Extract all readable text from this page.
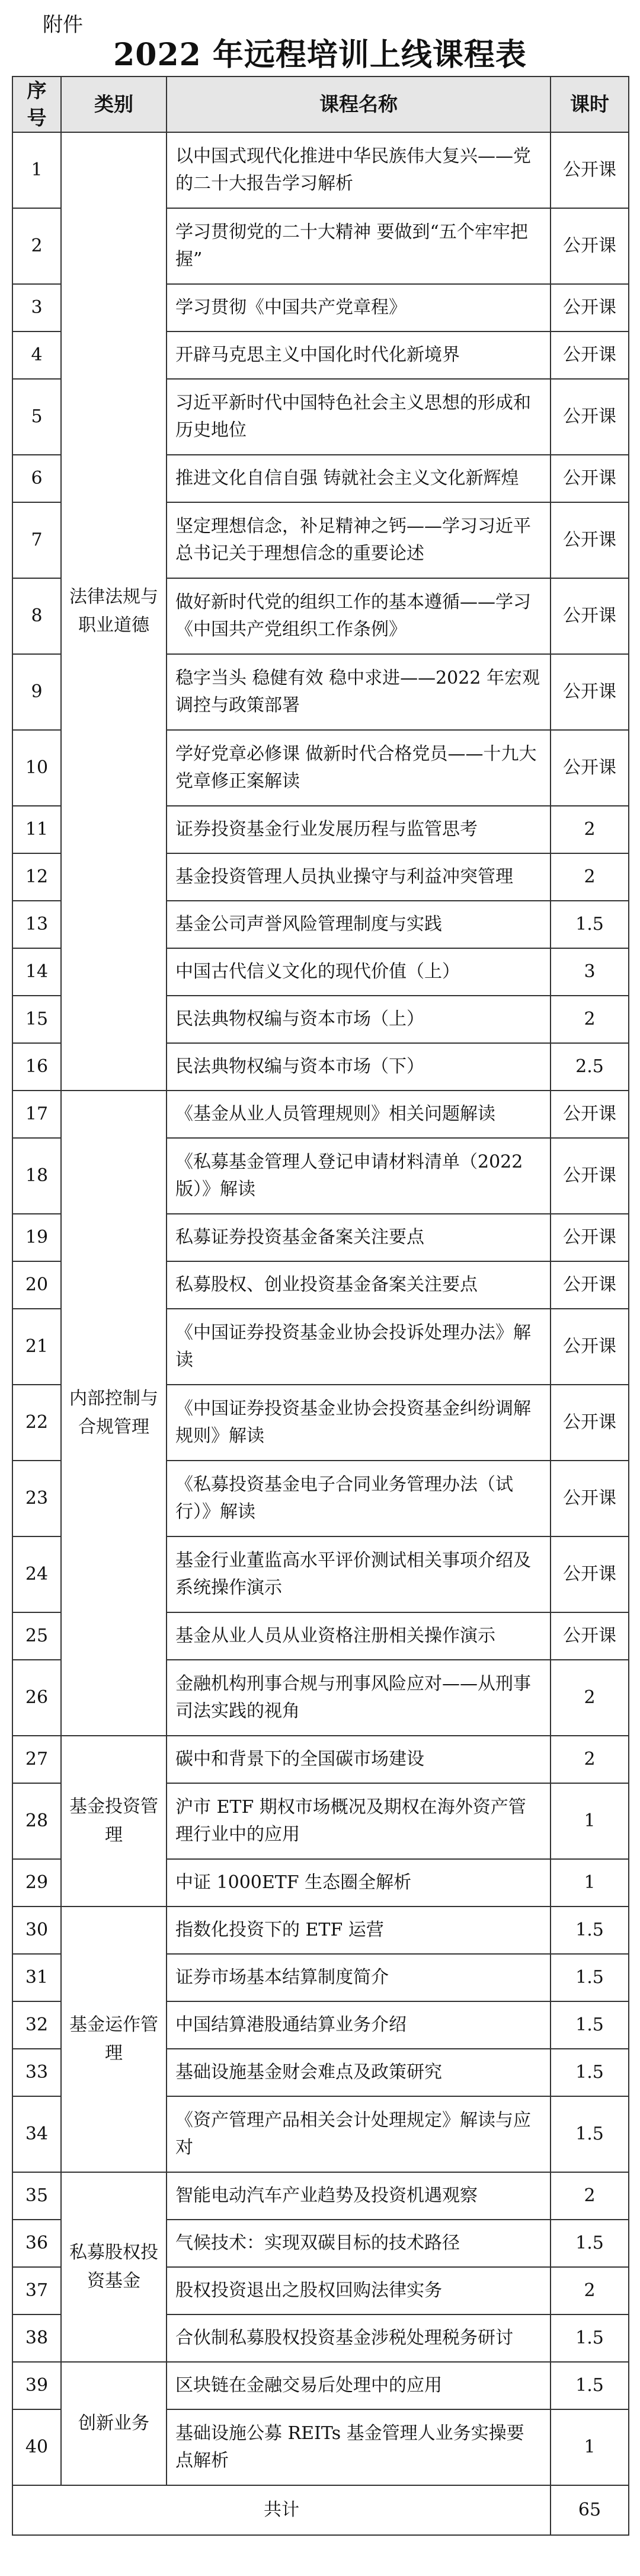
附件
2022 年远程培训上线课程表
序号	类别	课程名称	课时
1	法律法规与职业道德	以中国式现代化推进中华民族伟大复兴——党的二十大报告学习解析	公开课
2		学习贯彻党的二十大精神 要做到“五个牢牢把握”	公开课
3		学习贯彻《中国共产党章程》	公开课
4		开辟马克思主义中国化时代化新境界	公开课
5		习近平新时代中国特色社会主义思想的形成和历史地位	公开课
6		推进文化自信自强 铸就社会主义文化新辉煌	公开课
7		坚定理想信念，补足精神之钙——学习习近平总书记关于理想信念的重要论述	公开课
8		做好新时代党的组织工作的基本遵循——学习《中国共产党组织工作条例》	公开课
9		稳字当头 稳健有效 稳中求进——2022 年宏观调控与政策部署	公开课
10		学好党章必修课 做新时代合格党员——十九大党章修正案解读	公开课
11		证券投资基金行业发展历程与监管思考	2
12		基金投资管理人员执业操守与利益冲突管理	2
13		基金公司声誉风险管理制度与实践	1.5
14		中国古代信义文化的现代价值（上）	3
15		民法典物权编与资本市场（上）	2
16		民法典物权编与资本市场（下）	2.5
17	内部控制与合规管理	《基金从业人员管理规则》相关问题解读	公开课
18		《私募基金管理人登记申请材料清单（2022版）》解读	公开课
19		私募证券投资基金备案关注要点	公开课
20		私募股权、创业投资基金备案关注要点	公开课
21		《中国证券投资基金业协会投诉处理办法》解读	公开课
22		《中国证券投资基金业协会投资基金纠纷调解规则》解读	公开课
23		《私募投资基金电子合同业务管理办法（试行）》解读	公开课
24		基金行业董监高水平评价测试相关事项介绍及系统操作演示	公开课
25		基金从业人员从业资格注册相关操作演示	公开课
26		金融机构刑事合规与刑事风险应对——从刑事司法实践的视角	2
27	基金投资管理	碳中和背景下的全国碳市场建设	2
28		沪市 ETF 期权市场概况及期权在海外资产管理行业中的应用	1
29		中证 1000ETF 生态圈全解析	1
30	基金运作管理	指数化投资下的 ETF 运营	1.5
31		证券市场基本结算制度简介	1.5
32		中国结算港股通结算业务介绍	1.5
33		基础设施基金财会难点及政策研究	1.5
34		《资产管理产品相关会计处理规定》解读与应对	1.5
35	私募股权投资基金	智能电动汽车产业趋势及投资机遇观察	2
36		气候技术：实现双碳目标的技术路径	1.5
37		股权投资退出之股权回购法律实务	2
38		合伙制私募股权投资基金涉税处理税务研讨	1.5
39	创新业务	区块链在金融交易后处理中的应用	1.5
40		基础设施公募 REITs 基金管理人业务实操要点解析	1
共计			65
